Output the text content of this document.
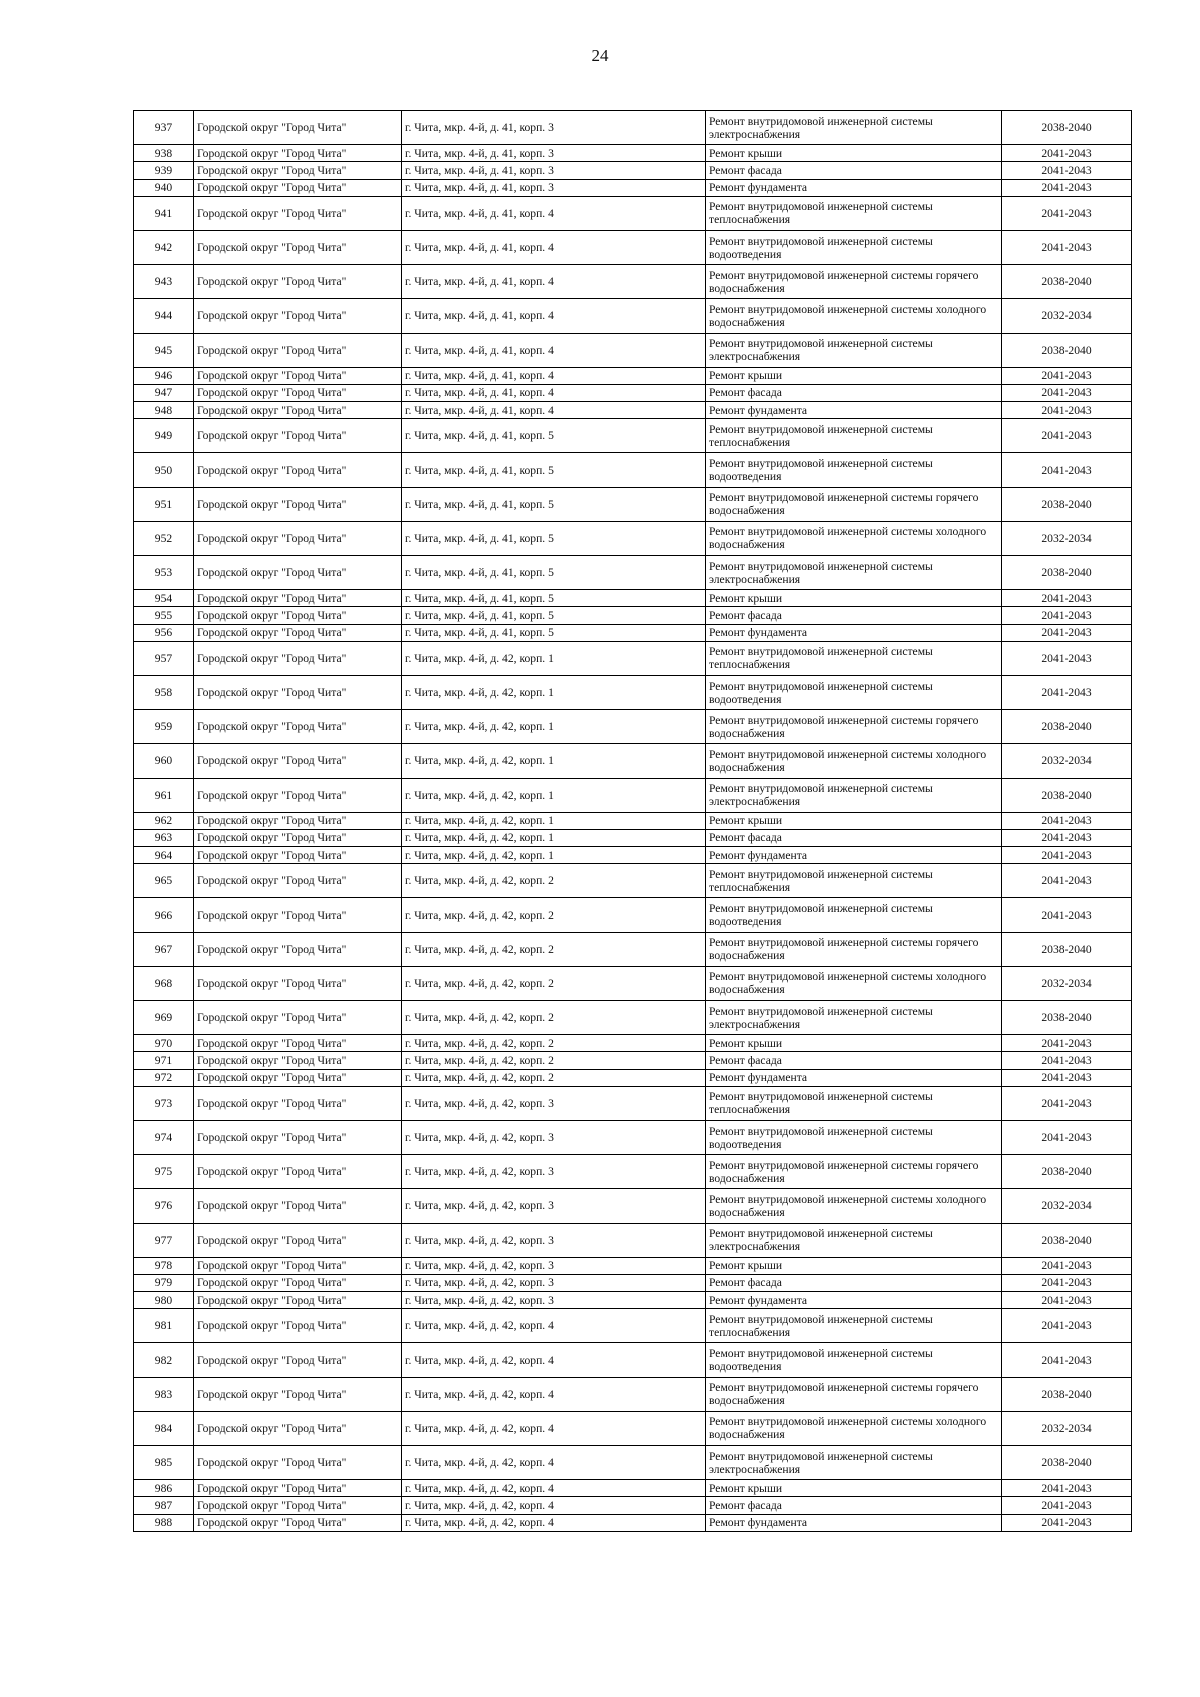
24
937	Городской округ "Город Чита"	г. Чита, мкр. 4-й, д. 41, корп. 3	Ремонт внутридомовой инженерной системы электроснабжения	2038-2040
938	Городской округ "Город Чита"	г. Чита, мкр. 4-й, д. 41, корп. 3	Ремонт крыши	2041-2043
939	Городской округ "Город Чита"	г. Чита, мкр. 4-й, д. 41, корп. 3	Ремонт фасада	2041-2043
940	Городской округ "Город Чита"	г. Чита, мкр. 4-й, д. 41, корп. 3	Ремонт фундамента	2041-2043
941	Городской округ "Город Чита"	г. Чита, мкр. 4-й, д. 41, корп. 4	Ремонт внутридомовой инженерной системы теплоснабжения	2041-2043
942	Городской округ "Город Чита"	г. Чита, мкр. 4-й, д. 41, корп. 4	Ремонт внутридомовой инженерной системы водоотведения	2041-2043
943	Городской округ "Город Чита"	г. Чита, мкр. 4-й, д. 41, корп. 4	Ремонт внутридомовой инженерной системы горячего водоснабжения	2038-2040
944	Городской округ "Город Чита"	г. Чита, мкр. 4-й, д. 41, корп. 4	Ремонт внутридомовой инженерной системы холодного водоснабжения	2032-2034
945	Городской округ "Город Чита"	г. Чита, мкр. 4-й, д. 41, корп. 4	Ремонт внутридомовой инженерной системы электроснабжения	2038-2040
946	Городской округ "Город Чита"	г. Чита, мкр. 4-й, д. 41, корп. 4	Ремонт крыши	2041-2043
947	Городской округ "Город Чита"	г. Чита, мкр. 4-й, д. 41, корп. 4	Ремонт фасада	2041-2043
948	Городской округ "Город Чита"	г. Чита, мкр. 4-й, д. 41, корп. 4	Ремонт фундамента	2041-2043
949	Городской округ "Город Чита"	г. Чита, мкр. 4-й, д. 41, корп. 5	Ремонт внутридомовой инженерной системы теплоснабжения	2041-2043
950	Городской округ "Город Чита"	г. Чита, мкр. 4-й, д. 41, корп. 5	Ремонт внутридомовой инженерной системы водоотведения	2041-2043
951	Городской округ "Город Чита"	г. Чита, мкр. 4-й, д. 41, корп. 5	Ремонт внутридомовой инженерной системы горячего водоснабжения	2038-2040
952	Городской округ "Город Чита"	г. Чита, мкр. 4-й, д. 41, корп. 5	Ремонт внутридомовой инженерной системы холодного водоснабжения	2032-2034
953	Городской округ "Город Чита"	г. Чита, мкр. 4-й, д. 41, корп. 5	Ремонт внутридомовой инженерной системы электроснабжения	2038-2040
954	Городской округ "Город Чита"	г. Чита, мкр. 4-й, д. 41, корп. 5	Ремонт крыши	2041-2043
955	Городской округ "Город Чита"	г. Чита, мкр. 4-й, д. 41, корп. 5	Ремонт фасада	2041-2043
956	Городской округ "Город Чита"	г. Чита, мкр. 4-й, д. 41, корп. 5	Ремонт фундамента	2041-2043
957	Городской округ "Город Чита"	г. Чита, мкр. 4-й, д. 42, корп. 1	Ремонт внутридомовой инженерной системы теплоснабжения	2041-2043
958	Городской округ "Город Чита"	г. Чита, мкр. 4-й, д. 42, корп. 1	Ремонт внутридомовой инженерной системы водоотведения	2041-2043
959	Городской округ "Город Чита"	г. Чита, мкр. 4-й, д. 42, корп. 1	Ремонт внутридомовой инженерной системы горячего водоснабжения	2038-2040
960	Городской округ "Город Чита"	г. Чита, мкр. 4-й, д. 42, корп. 1	Ремонт внутридомовой инженерной системы холодного водоснабжения	2032-2034
961	Городской округ "Город Чита"	г. Чита, мкр. 4-й, д. 42, корп. 1	Ремонт внутридомовой инженерной системы электроснабжения	2038-2040
962	Городской округ "Город Чита"	г. Чита, мкр. 4-й, д. 42, корп. 1	Ремонт крыши	2041-2043
963	Городской округ "Город Чита"	г. Чита, мкр. 4-й, д. 42, корп. 1	Ремонт фасада	2041-2043
964	Городской округ "Город Чита"	г. Чита, мкр. 4-й, д. 42, корп. 1	Ремонт фундамента	2041-2043
965	Городской округ "Город Чита"	г. Чита, мкр. 4-й, д. 42, корп. 2	Ремонт внутридомовой инженерной системы теплоснабжения	2041-2043
966	Городской округ "Город Чита"	г. Чита, мкр. 4-й, д. 42, корп. 2	Ремонт внутридомовой инженерной системы водоотведения	2041-2043
967	Городской округ "Город Чита"	г. Чита, мкр. 4-й, д. 42, корп. 2	Ремонт внутридомовой инженерной системы горячего водоснабжения	2038-2040
968	Городской округ "Город Чита"	г. Чита, мкр. 4-й, д. 42, корп. 2	Ремонт внутридомовой инженерной системы холодного водоснабжения	2032-2034
969	Городской округ "Город Чита"	г. Чита, мкр. 4-й, д. 42, корп. 2	Ремонт внутридомовой инженерной системы электроснабжения	2038-2040
970	Городской округ "Город Чита"	г. Чита, мкр. 4-й, д. 42, корп. 2	Ремонт крыши	2041-2043
971	Городской округ "Город Чита"	г. Чита, мкр. 4-й, д. 42, корп. 2	Ремонт фасада	2041-2043
972	Городской округ "Город Чита"	г. Чита, мкр. 4-й, д. 42, корп. 2	Ремонт фундамента	2041-2043
973	Городской округ "Город Чита"	г. Чита, мкр. 4-й, д. 42, корп. 3	Ремонт внутридомовой инженерной системы теплоснабжения	2041-2043
974	Городской округ "Город Чита"	г. Чита, мкр. 4-й, д. 42, корп. 3	Ремонт внутридомовой инженерной системы водоотведения	2041-2043
975	Городской округ "Город Чита"	г. Чита, мкр. 4-й, д. 42, корп. 3	Ремонт внутридомовой инженерной системы горячего водоснабжения	2038-2040
976	Городской округ "Город Чита"	г. Чита, мкр. 4-й, д. 42, корп. 3	Ремонт внутридомовой инженерной системы холодного водоснабжения	2032-2034
977	Городской округ "Город Чита"	г. Чита, мкр. 4-й, д. 42, корп. 3	Ремонт внутридомовой инженерной системы электроснабжения	2038-2040
978	Городской округ "Город Чита"	г. Чита, мкр. 4-й, д. 42, корп. 3	Ремонт крыши	2041-2043
979	Городской округ "Город Чита"	г. Чита, мкр. 4-й, д. 42, корп. 3	Ремонт фасада	2041-2043
980	Городской округ "Город Чита"	г. Чита, мкр. 4-й, д. 42, корп. 3	Ремонт фундамента	2041-2043
981	Городской округ "Город Чита"	г. Чита, мкр. 4-й, д. 42, корп. 4	Ремонт внутридомовой инженерной системы теплоснабжения	2041-2043
982	Городской округ "Город Чита"	г. Чита, мкр. 4-й, д. 42, корп. 4	Ремонт внутридомовой инженерной системы водоотведения	2041-2043
983	Городской округ "Город Чита"	г. Чита, мкр. 4-й, д. 42, корп. 4	Ремонт внутридомовой инженерной системы горячего водоснабжения	2038-2040
984	Городской округ "Город Чита"	г. Чита, мкр. 4-й, д. 42, корп. 4	Ремонт внутридомовой инженерной системы холодного водоснабжения	2032-2034
985	Городской округ "Город Чита"	г. Чита, мкр. 4-й, д. 42, корп. 4	Ремонт внутридомовой инженерной системы электроснабжения	2038-2040
986	Городской округ "Город Чита"	г. Чита, мкр. 4-й, д. 42, корп. 4	Ремонт крыши	2041-2043
987	Городской округ "Город Чита"	г. Чита, мкр. 4-й, д. 42, корп. 4	Ремонт фасада	2041-2043
988	Городской округ "Город Чита"	г. Чита, мкр. 4-й, д. 42, корп. 4	Ремонт фундамента	2041-2043
